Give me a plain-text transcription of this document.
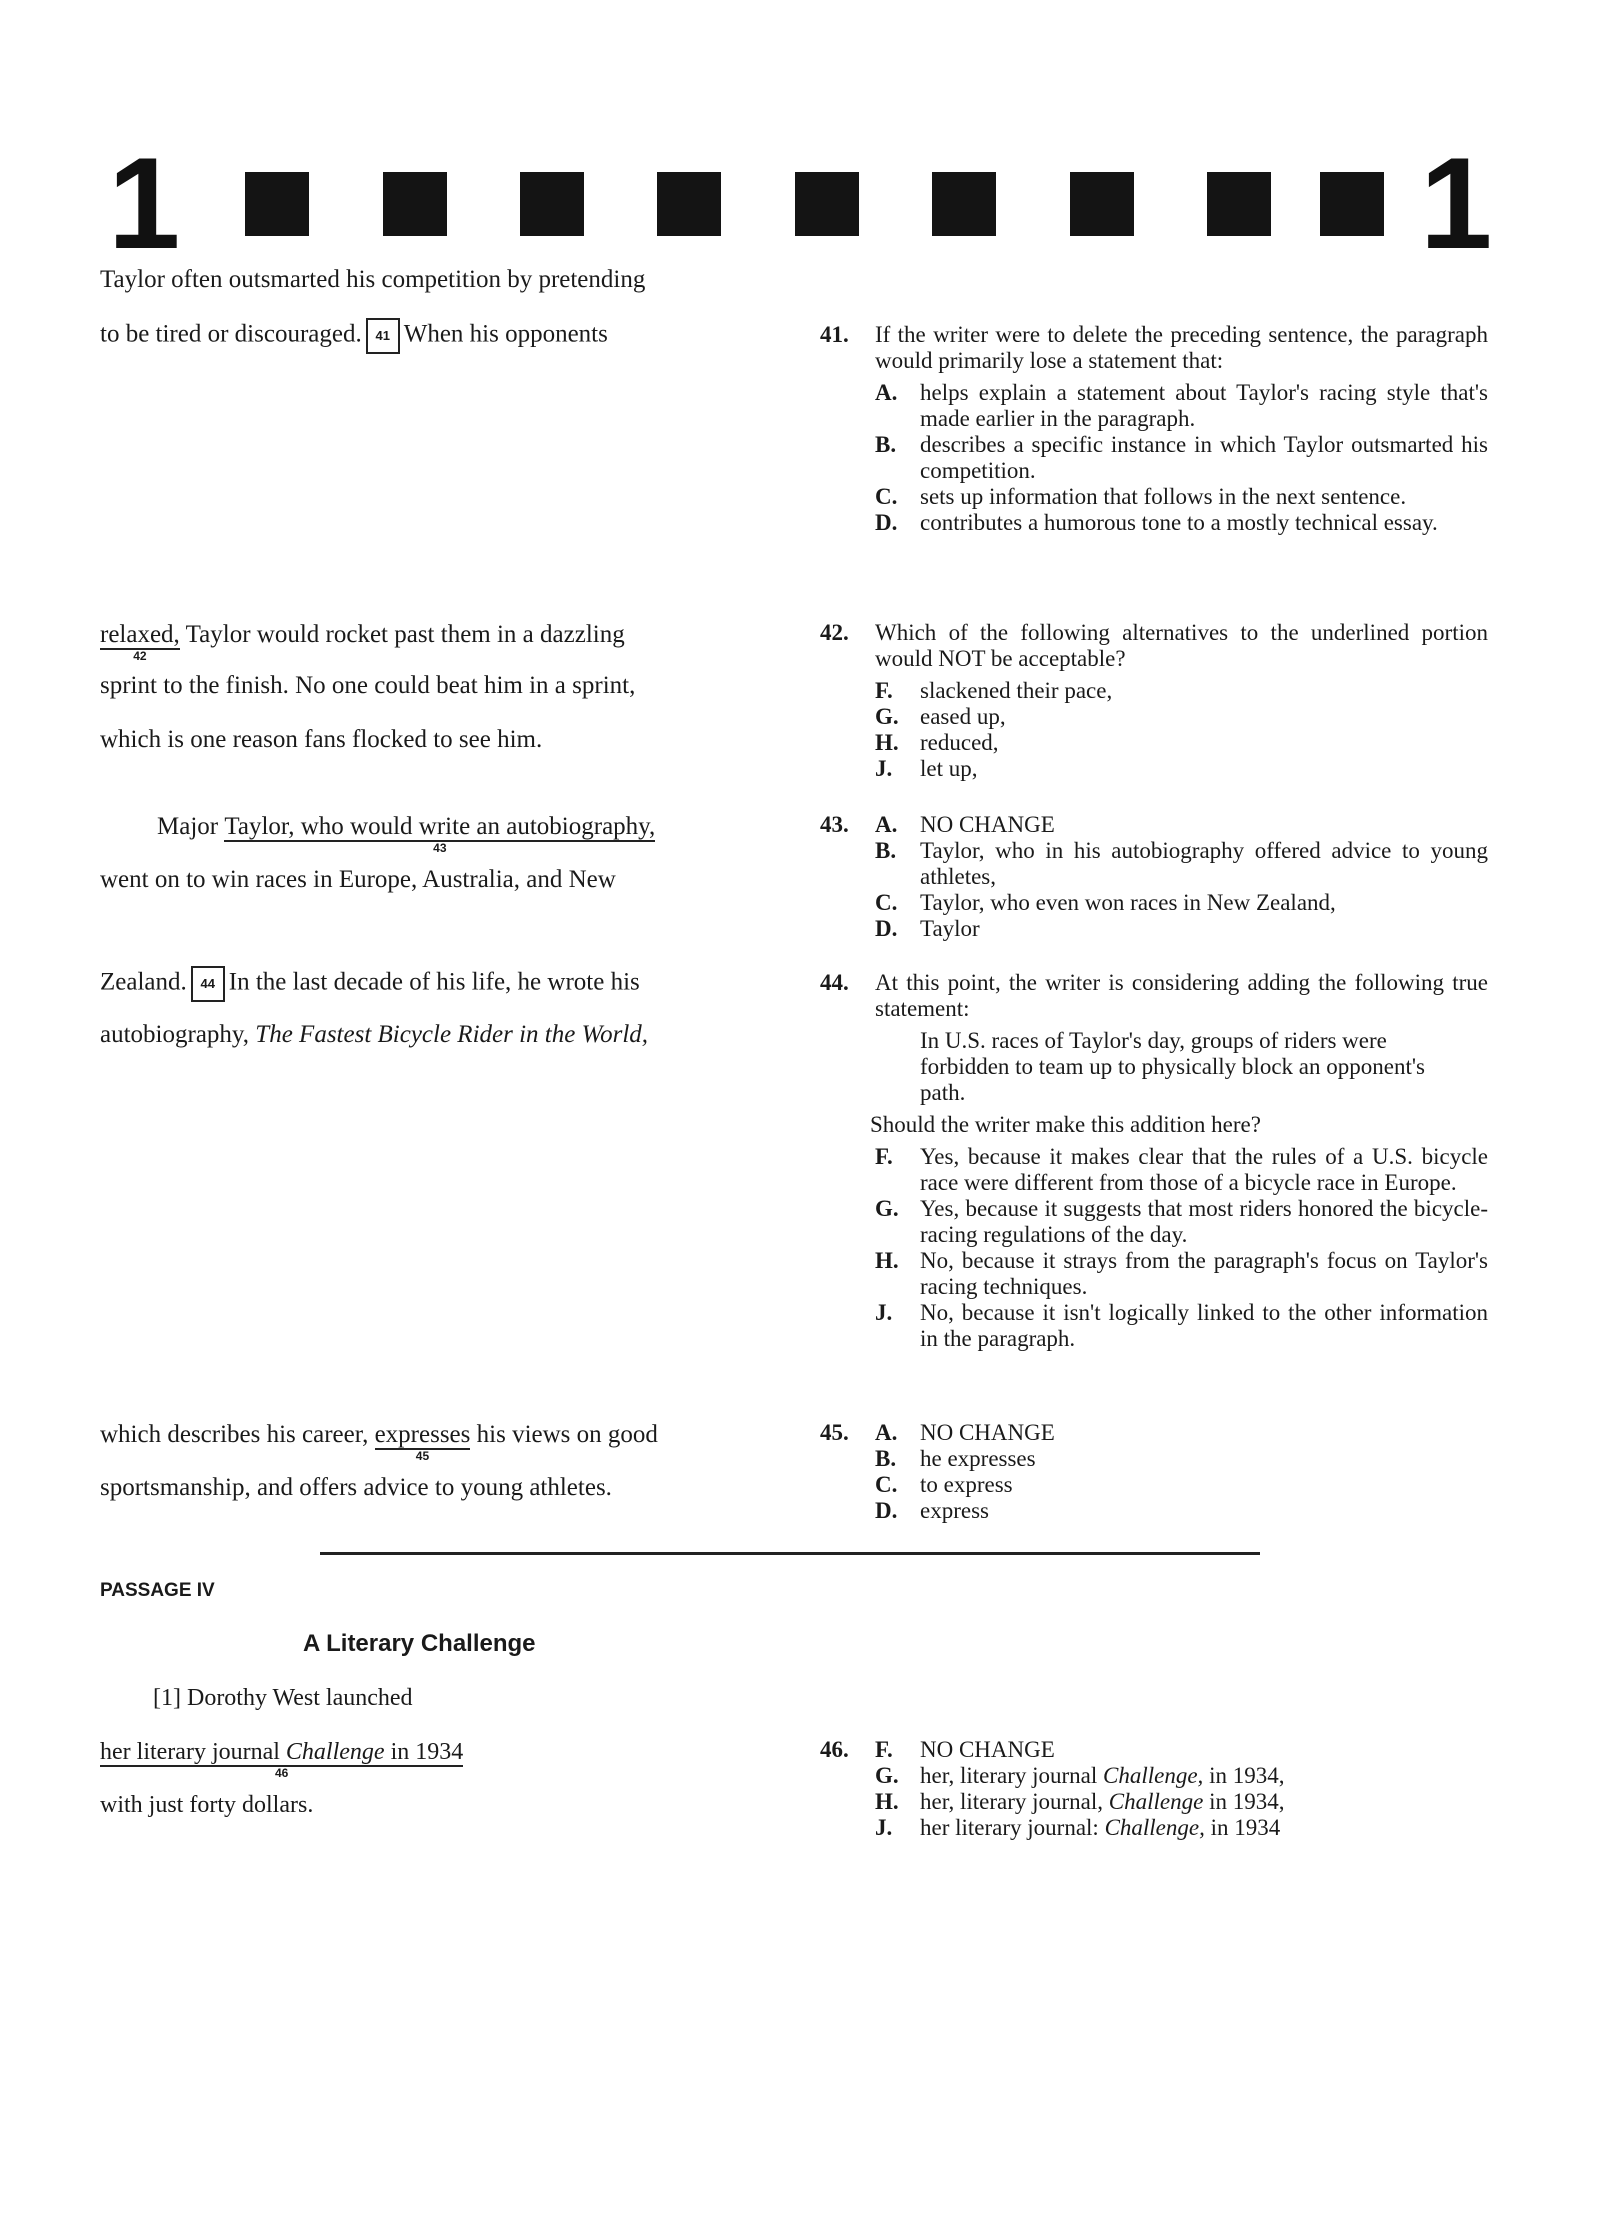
1	1
Taylor often outsmarted his competition by pretending
to be tired or discouraged. 41 When his opponents
relaxed,
42
Taylor would rocket past them in a dazzling
sprint to the finish. No one could beat him in a sprint,
which is one reason fans flocked to see him.
Major Taylor, who would write an autobiography,
43
went on to win races in Europe, Australia, and New
Zealand. 44 In the last decade of his life, he wrote his
autobiography, The Fastest Bicycle Rider in the World,
which describes his career, expresses
45
his views on good
sportsmanship, and offers advice to young athletes.
PASSAGE IV
A Literary Challenge
[1] Dorothy West launched
her literary journal Challenge in 1934
46
with just forty dollars.
41. If the writer were to delete the preceding sentence, the paragraph would primarily lose a statement that:
A. helps explain a statement about Taylor's racing style that's made earlier in the paragraph.
B.	describes a specific instance in which Taylor outsmarted his competition.
C. sets up information that follows in the next sentence.
D. contributes a humorous tone to a mostly technical essay.
42. Which of the following alternatives to the underlined portion would NOT be acceptable?
F.	slackened their pace,
G. eased up,
H. reduced,
J.	let up,
43. A. NO CHANGE
B.	Taylor, who in his autobiography offered advice to young athletes,
C. Taylor, who even won races in New Zealand,
D. Taylor
44. At this point, the writer is considering adding the following true statement:
In U.S. races of Taylor's day, groups of riders were forbidden to team up to physically block an opponent's path.
Should the writer make this addition here?
F.	Yes, because it makes clear that the rules of a U.S. bicycle race were different from those of a bicycle race in Europe.
G. Yes, because it suggests that most riders honored the bicycle-racing regulations of the day.
H. No, because it strays from the paragraph's focus on Taylor's racing techniques.
J.	No, because it isn't logically linked to the other information in the paragraph.
45. A. NO CHANGE
B.	he expresses
C. to express
D. express
46. F.	NO CHANGE
G. her, literary journal Challenge, in 1934,
H. her, literary journal, Challenge in 1934,
J.	her literary journal: Challenge, in 1934
